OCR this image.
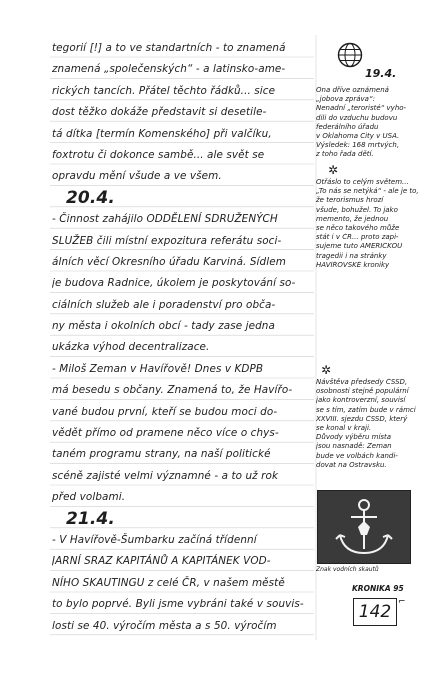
tegorií [!] a to ve standartních - to znamená
znamená „společenských“ - a latinsko-ame-
rických tancích. Přátel těchto řádků... sice
dost těžko dokáže představit si desetile-
tá dítka [termín Komenského] při valčíku,
foxtrotu či dokonce sambě... ale svět se
opravdu mění všude a ve všem.
20.4.
- Činnost zahájilo ODDĚLENÍ SDRUŽENÝCH
SLUŽEB čili místní expozitura referátu soci-
álních věcí Okresního úřadu Karviná. Sídlem
je budova Radnice, úkolem je poskytování so-
ciálních služeb ale i poradenství pro obča-
ny města i okolních obcí - tady zase jedna
ukázka výhod decentralizace.
- Miloš Zeman v Havířově! Dnes v KDPB
má besedu s občany. Znamená to, že Havířo-
vané budou první, kteří se budou moci do-
vědět přímo od pramene něco více o chys-
taném programu strany, na naší politické
scéně zajisté velmi významné - a to už rok
před volbami.
21.4.
- V Havířově-Šumbarku začíná třídenní
JARNÍ SRAZ KAPITÁNŮ A KAPITÁNEK VOD-
NÍHO SKAUTINGU z celé ČR, v našem městě
to bylo poprvé. Byli jsme vybráni také v souvis-
losti se 40. výročím města a s 50. výročím
19.4.
Ona dříve oznámená
„jobova zpráva“:
Nenadní „teroristé“ vyho-
dili do vzduchu budovu
federálního úřadu
v Oklahoma City v USA.
Výsledek: 168 mrtvých,
z toho řada dětí.
✲
Otřáslo to celým světem...
„To nás se netýká“ - ale je to,
že terorismus hrozí
všude, bohužel. To jako
memento, že jednou
se něco takového může
stát i v ČR... proto zapi-
sujeme tuto AMERICKOU
tragedii i na stránky
HAVÍŘOVSKÉ kroniky
✲
Návštěva předsedy ČSSD,
osobnosti stejně populární
jako kontroverzní, souvisí
se s tím, zatím bude v rámci
XXVIII. sjezdu ČSSD, který
se konal v kraji.
Důvody výběru místa
jsou nasnadě: Zeman
bude ve volbách kandi-
dovat na Ostravsku.
Znak vodních skautů
KRONIKA 95
142 ⌐
